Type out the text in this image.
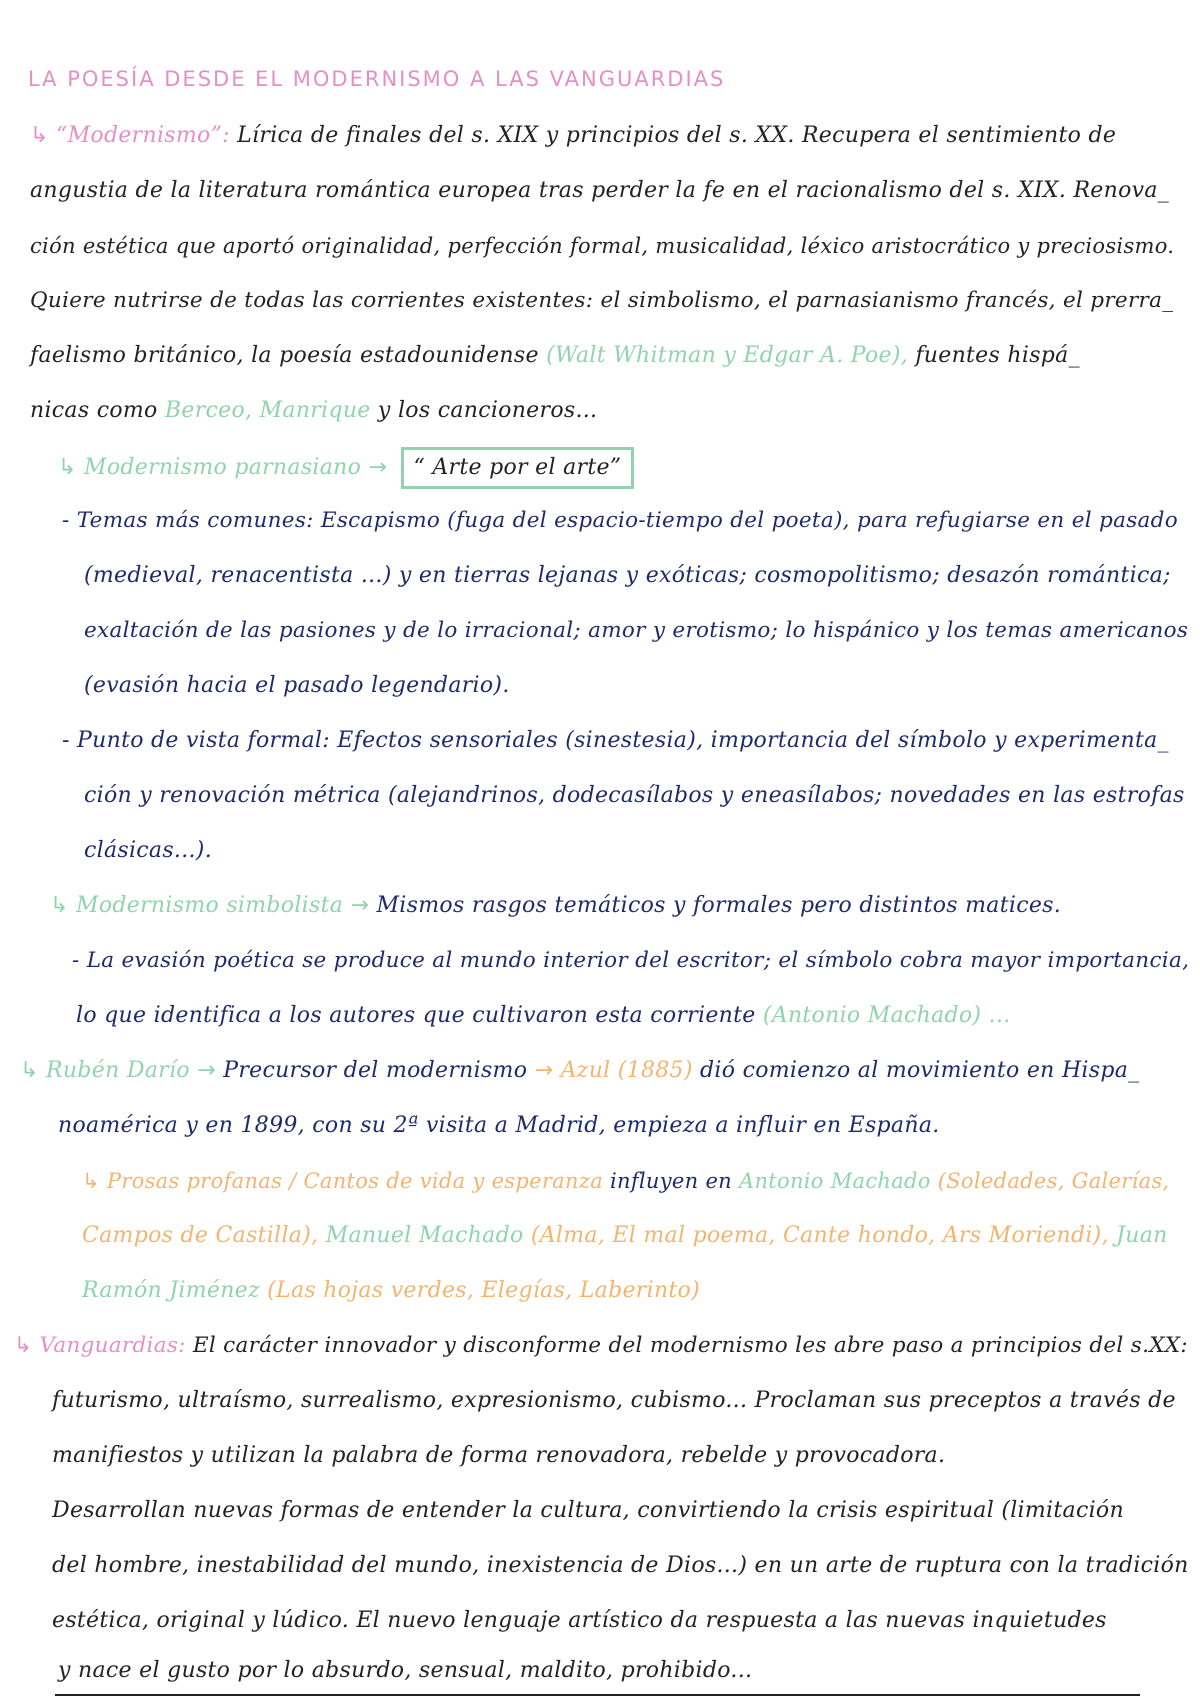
LA POESÍA DESDE EL MODERNISMO A LAS VANGUARDIAS
↳ “Modernismo”: Lírica de finales del s. XIX y principios del s. XX. Recupera el sentimiento de
angustia de la literatura romántica europea tras perder la fe en el racionalismo del s. XIX. Renova_
ción estética que aportó originalidad, perfección formal, musicalidad, léxico aristocrático y preciosismo.
Quiere nutrirse de todas las corrientes existentes: el simbolismo, el parnasianismo francés, el prerra_
faelismo británico, la poesía estadounidense (Walt Whitman y Edgar A. Poe), fuentes hispá_
nicas como Berceo, Manrique y los cancioneros...
↳ Modernismo parnasiano → “ Arte por el arte”
- Temas más comunes: Escapismo (fuga del espacio-tiempo del poeta), para refugiarse en el pasado
(medieval, renacentista ...) y en tierras lejanas y exóticas; cosmopolitismo; desazón romántica;
exaltación de las pasiones y de lo irracional; amor y erotismo; lo hispánico y los temas americanos
(evasión hacia el pasado legendario).
- Punto de vista formal: Efectos sensoriales (sinestesia), importancia del símbolo y experimenta_
ción y renovación métrica (alejandrinos, dodecasílabos y eneasílabos; novedades en las estrofas
clásicas...).
↳ Modernismo simbolista → Mismos rasgos temáticos y formales pero distintos matices.
- La evasión poética se produce al mundo interior del escritor; el símbolo cobra mayor importancia,
lo que identifica a los autores que cultivaron esta corriente (Antonio Machado) ...
↳ Rubén Darío → Precursor del modernismo → Azul (1885) dió comienzo al movimiento en Hispa_
noamérica y en 1899, con su 2ª visita a Madrid, empieza a influir en España.
↳ Prosas profanas / Cantos de vida y esperanza influyen en Antonio Machado (Soledades, Galerías,
Campos de Castilla), Manuel Machado (Alma, El mal poema, Cante hondo, Ars Moriendi), Juan
Ramón Jiménez (Las hojas verdes, Elegías, Laberinto)
↳ Vanguardias: El carácter innovador y disconforme del modernismo les abre paso a principios del s.XX:
futurismo, ultraísmo, surrealismo, expresionismo, cubismo... Proclaman sus preceptos a través de
manifiestos y utilizan la palabra de forma renovadora, rebelde y provocadora.
Desarrollan nuevas formas de entender la cultura, convirtiendo la crisis espiritual (limitación
del hombre, inestabilidad del mundo, inexistencia de Dios...) en un arte de ruptura con la tradición
estética, original y lúdico. El nuevo lenguaje artístico da respuesta a las nuevas inquietudes
y nace el gusto por lo absurdo, sensual, maldito, prohibido...
